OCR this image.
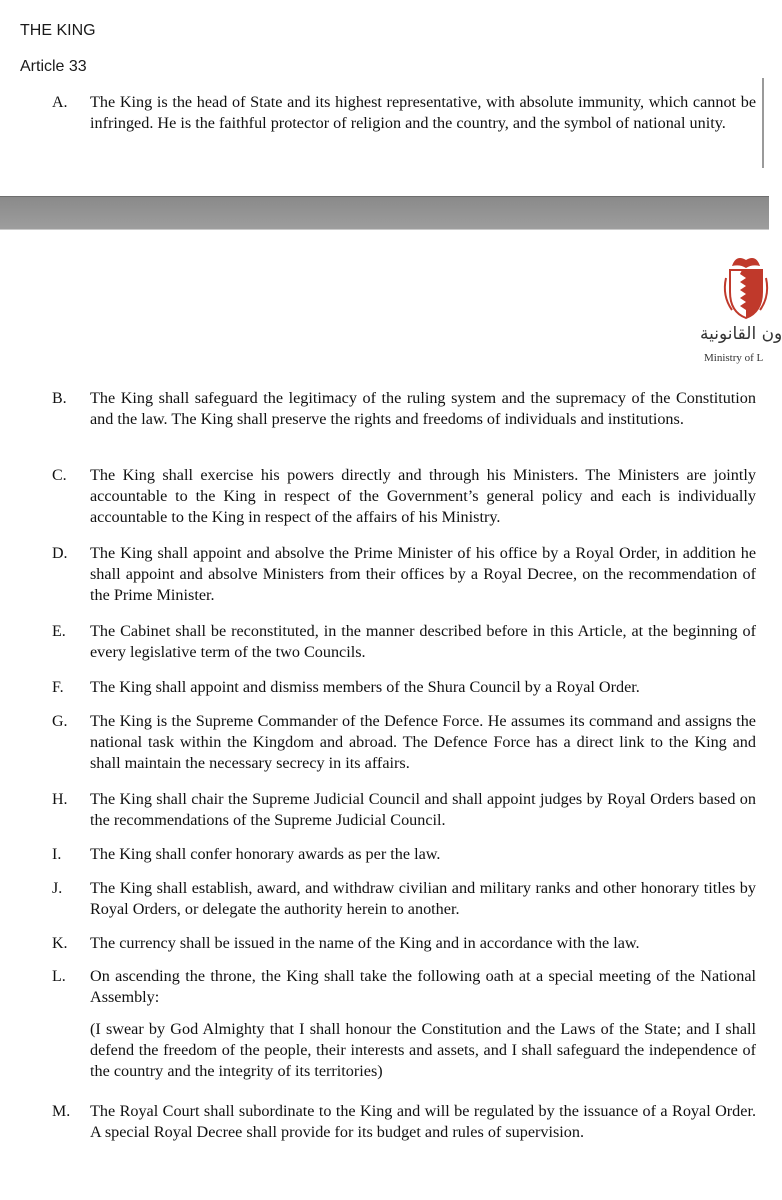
THE KING
Article 33
A. The King is the head of State and its highest representative, with absolute immunity, which cannot be infringed. He is the faithful protector of religion and the country, and the symbol of national unity.
ون القانونية
Ministry of L
B. The King shall safeguard the legitimacy of the ruling system and the supremacy of the Constitution and the law. The King shall preserve the rights and freedoms of individuals and institutions.
C. The King shall exercise his powers directly and through his Ministers. The Ministers are jointly accountable to the King in respect of the Government’s general policy and each is individually accountable to the King in respect of the affairs of his Ministry.
D. The King shall appoint and absolve the Prime Minister of his office by a Royal Order, in addition he shall appoint and absolve Ministers from their offices by a Royal Decree, on the recommendation of the Prime Minister.
E. The Cabinet shall be reconstituted, in the manner described before in this Article, at the beginning of every legislative term of the two Councils.
F. The King shall appoint and dismiss members of the Shura Council by a Royal Order.
G. The King is the Supreme Commander of the Defence Force. He assumes its command and assigns the national task within the Kingdom and abroad. The Defence Force has a direct link to the King and shall maintain the necessary secrecy in its affairs.
H. The King shall chair the Supreme Judicial Council and shall appoint judges by Royal Orders based on the recommendations of the Supreme Judicial Council.
I. The King shall confer honorary awards as per the law.
J. The King shall establish, award, and withdraw civilian and military ranks and other honorary titles by Royal Orders, or delegate the authority herein to another.
K. The currency shall be issued in the name of the King and in accordance with the law.
L. On ascending the throne, the King shall take the following oath at a special meeting of the National Assembly:
(I swear by God Almighty that I shall honour the Constitution and the Laws of the State; and I shall defend the freedom of the people, their interests and assets, and I shall safeguard the independence of the country and the integrity of its territories)
M. The Royal Court shall subordinate to the King and will be regulated by the issuance of a Royal Order. A special Royal Decree shall provide for its budget and rules of supervision.
